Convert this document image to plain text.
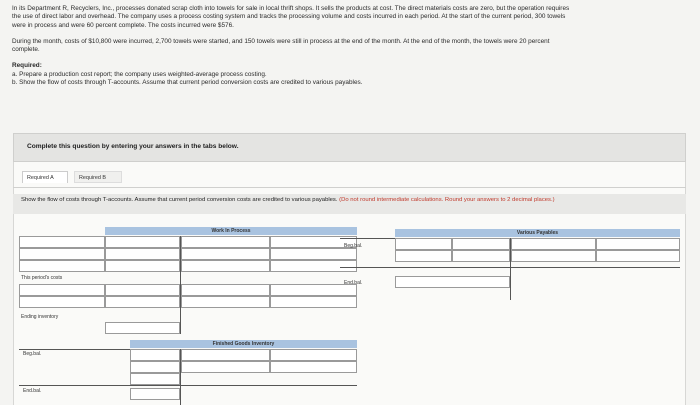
In its Department R, Recyclers, Inc., processes donated scrap cloth into towels for sale in local thrift shops. It sells the products at cost. The direct materials costs are zero, but the operation requires the use of direct labor and overhead. The company uses a process costing system and tracks the processing volume and costs incurred in each period. At the start of the current period, 300 towels were in process and were 60 percent complete. The costs incurred were $576.

During the month, costs of $10,800 were incurred, 2,700 towels were started, and 150 towels were still in process at the end of the month. At the end of the month, the towels were 20 percent complete.

Required:
a. Prepare a production cost report; the company uses weighted-average process costing.
b. Show the flow of costs through T-accounts. Assume that current period conversion costs are credited to various payables.
Complete this question by entering your answers in the tabs below.
Required A	Required B
Show the flow of costs through T-accounts. Assume that current period conversion costs are credited to various payables. (Do not round intermediate calculations. Round your answers to 2 decimal places.)
Work In Process
This period's costs
Ending inventory
Various Payables
Beg.bal.
End.bal.
Finished Goods Inventory
Beg.bal.
End.bal.
